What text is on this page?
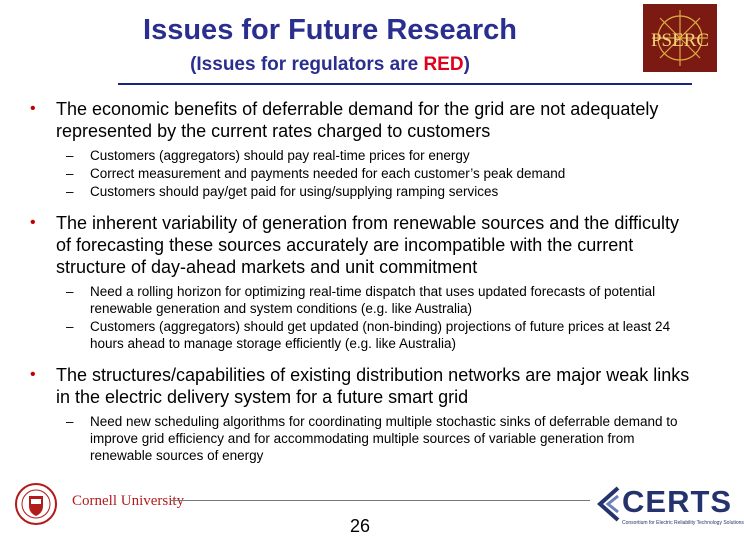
Issues for Future Research
(Issues for regulators are RED)
PSERC
• The economic benefits of deferrable demand for the grid are not adequately represented by the current rates charged to customers
– Customers (aggregators) should pay real-time prices for energy
– Correct measurement and payments needed for each customer’s peak demand
– Customers should pay/get paid for using/supplying ramping services
• The inherent variability of generation from renewable sources and the difficulty of forecasting these sources accurately are incompatible with the current structure of day-ahead markets and unit commitment
– Need a rolling horizon for optimizing real-time dispatch that uses updated forecasts of potential renewable generation and system conditions (e.g. like Australia)
– Customers (aggregators) should get updated (non-binding) projections of future prices at least 24 hours ahead to manage storage efficiently (e.g. like Australia)
• The structures/capabilities of existing distribution networks are major weak links in the electric delivery system for a future smart grid
– Need new scheduling algorithms for coordinating multiple stochastic sinks of deferrable demand to improve grid efficiency and for accommodating multiple sources of variable generation from renewable sources of energy
Cornell University
26
CERTS
Consortium for Electric Reliability Technology Solutions
